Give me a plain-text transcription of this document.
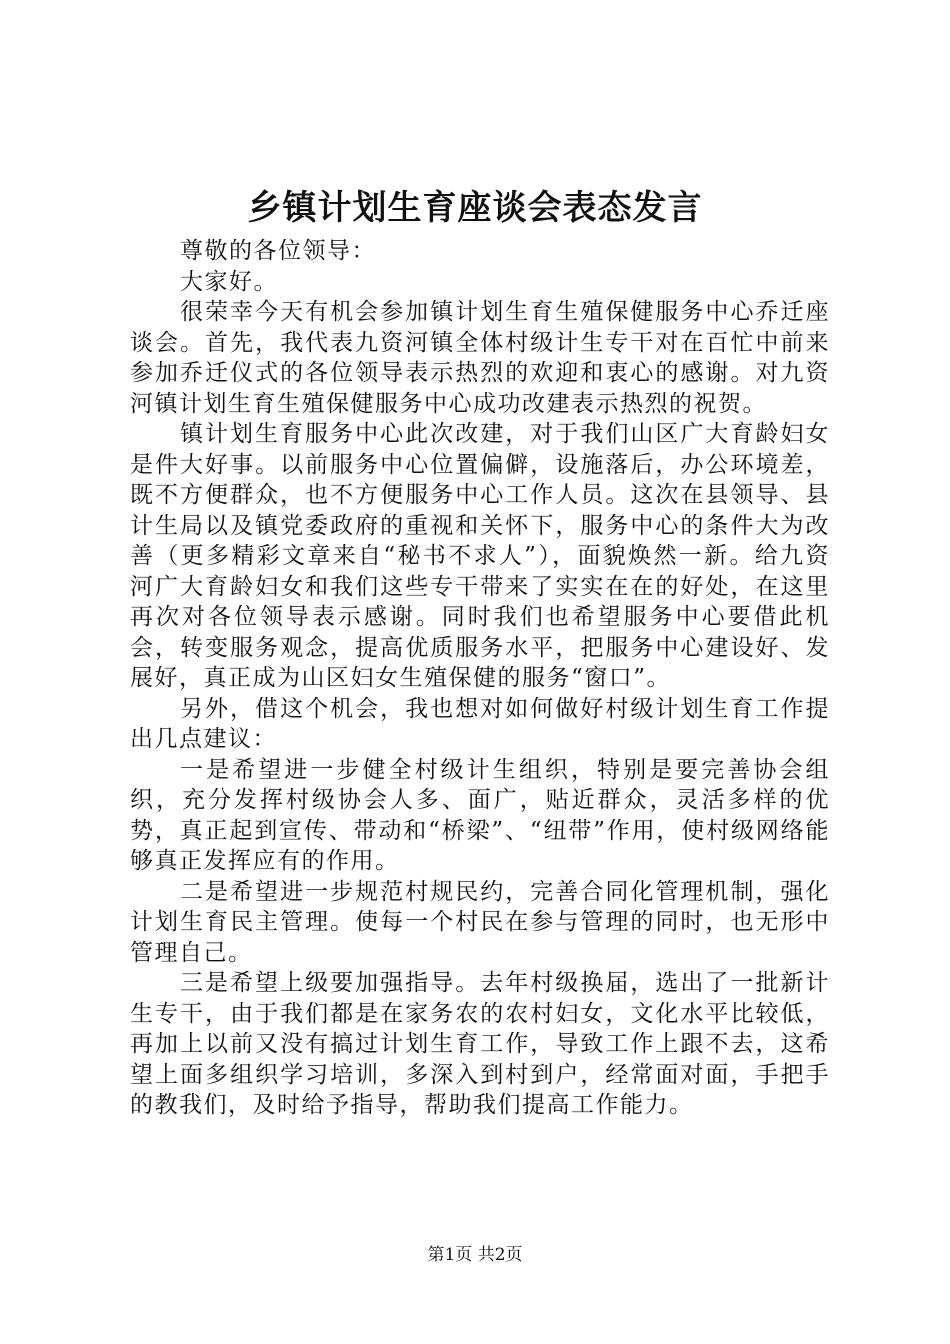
乡镇计划生育座谈会表态发言

尊敬的各位领导：

大家好。

很荣幸今天有机会参加镇计划生育生殖保健服务中心乔迁座谈会。首先，我代表九资河镇全体村级计生专干对在百忙中前来参加乔迁仪式的各位领导表示热烈的欢迎和衷心的感谢。对九资河镇计划生育生殖保健服务中心成功改建表示热烈的祝贺。

镇计划生育服务中心此次改建，对于我们山区广大育龄妇女是件大好事。以前服务中心位置偏僻，设施落后，办公环境差，既不方便群众，也不方便服务中心工作人员。这次在县领导、县计生局以及镇党委政府的重视和关怀下，服务中心的条件大为改善（更多精彩文章来自“秘书不求人”），面貌焕然一新。给九资河广大育龄妇女和我们这些专干带来了实实在在的好处，在这里再次对各位领导表示感谢。同时我们也希望服务中心要借此机会，转变服务观念，提高优质服务水平，把服务中心建设好、发展好，真正成为山区妇女生殖保健的服务“窗口”。

另外，借这个机会，我也想对如何做好村级计划生育工作提出几点建议：

一是希望进一步健全村级计生组织，特别是要完善协会组织，充分发挥村级协会人多、面广，贴近群众，灵活多样的优势，真正起到宣传、带动和“桥梁”、“纽带”作用，使村级网络能够真正发挥应有的作用。

二是希望进一步规范村规民约，完善合同化管理机制，强化计划生育民主管理。使每一个村民在参与管理的同时，也无形中管理自己。

三是希望上级要加强指导。去年村级换届，选出了一批新计生专干，由于我们都是在家务农的农村妇女，文化水平比较低，再加上以前又没有搞过计划生育工作，导致工作上跟不去，这希望上面多组织学习培训，多深入到村到户，经常面对面，手把手的教我们，及时给予指导，帮助我们提高工作能力。

第1页 共2页
